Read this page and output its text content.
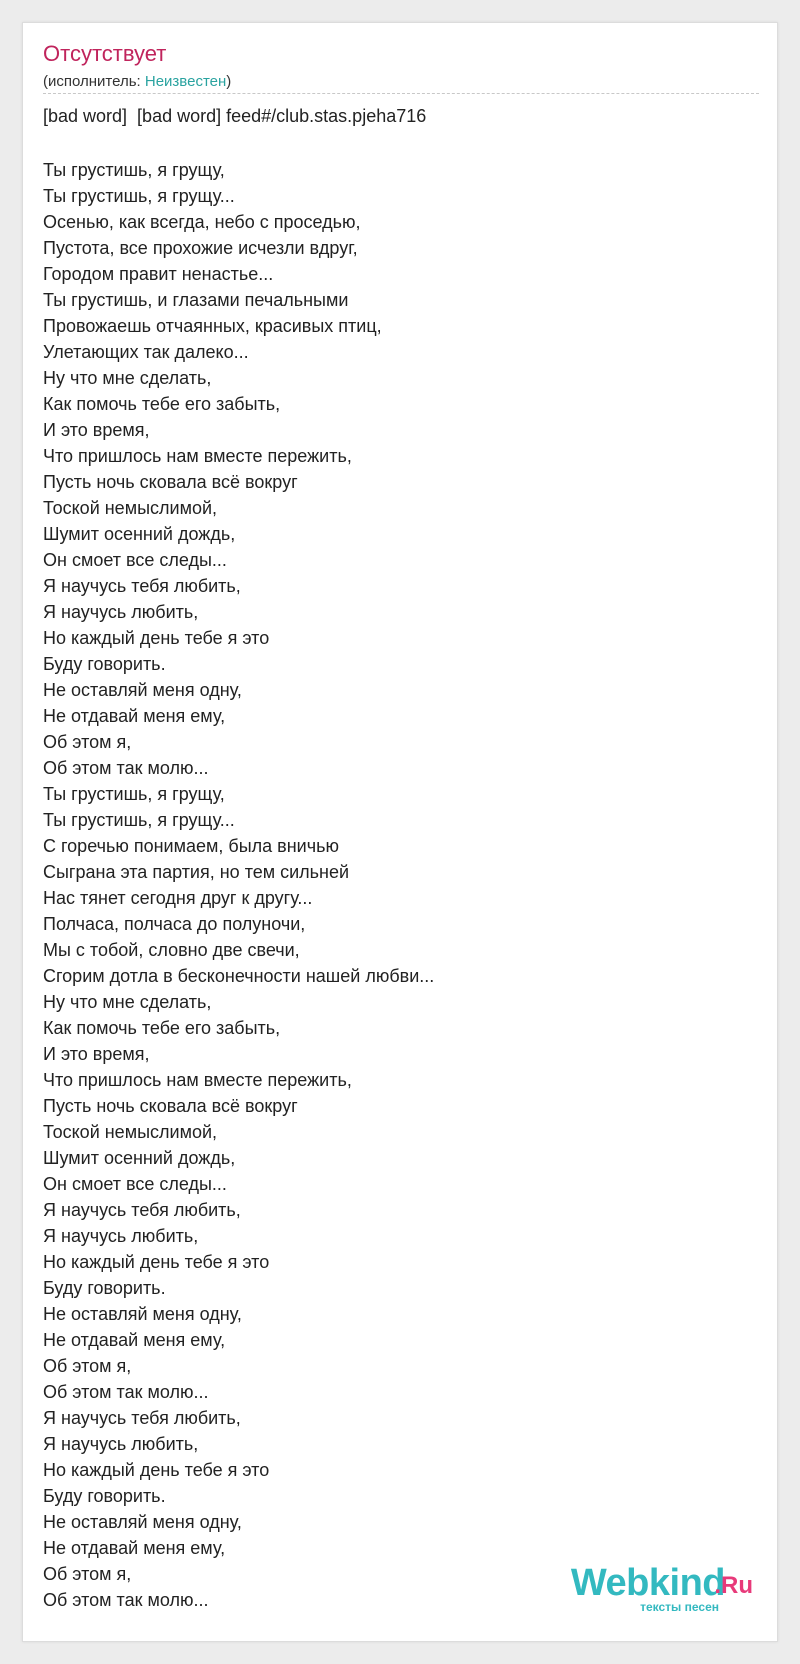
Отсутствует
(исполнитель: Неизвестен)
[bad word]  [bad word] feed#/club.stas.pjeha716
Ты грустишь, я грущу,
Ты грустишь, я грущу...
Осенью, как всегда, небо с проседью,
Пустота, все прохожие исчезли вдруг,
Городом правит ненастье...
Ты грустишь, и глазами печальными
Провожаешь отчаянных, красивых птиц,
Улетающих так далеко...
Ну что мне сделать,
Как помочь тебе его забыть,
И это время,
Что пришлось нам вместе пережить,
Пусть ночь сковала всё вокруг
Тоской немыслимой,
Шумит осенний дождь,
Он смоет все следы...
Я научусь тебя любить,
Я научусь любить,
Но каждый день тебе я это
Буду говорить.
Не оставляй меня одну,
Не отдавай меня ему,
Об этом я,
Об этом так молю...
Ты грустишь, я грущу,
Ты грустишь, я грущу...
С горечью понимаем, была вничью
Сыграна эта партия, но тем сильней
Нас тянет сегодня друг к другу...
Полчаса, полчаса до полуночи,
Мы с тобой, словно две свечи,
Сгорим дотла в бесконечности нашей любви...
Ну что мне сделать,
Как помочь тебе его забыть,
И это время,
Что пришлось нам вместе пережить,
Пусть ночь сковала всё вокруг
Тоской немыслимой,
Шумит осенний дождь,
Он смоет все следы...
Я научусь тебя любить,
Я научусь любить,
Но каждый день тебе я это
Буду говорить.
Не оставляй меня одну,
Не отдавай меня ему,
Об этом я,
Об этом так молю...
Я научусь тебя любить,
Я научусь любить,
Но каждый день тебе я это
Буду говорить.
Не оставляй меня одну,
Не отдавай меня ему,
Об этом я,
Об этом так молю...	Webkind
.Ru
тексты песен
